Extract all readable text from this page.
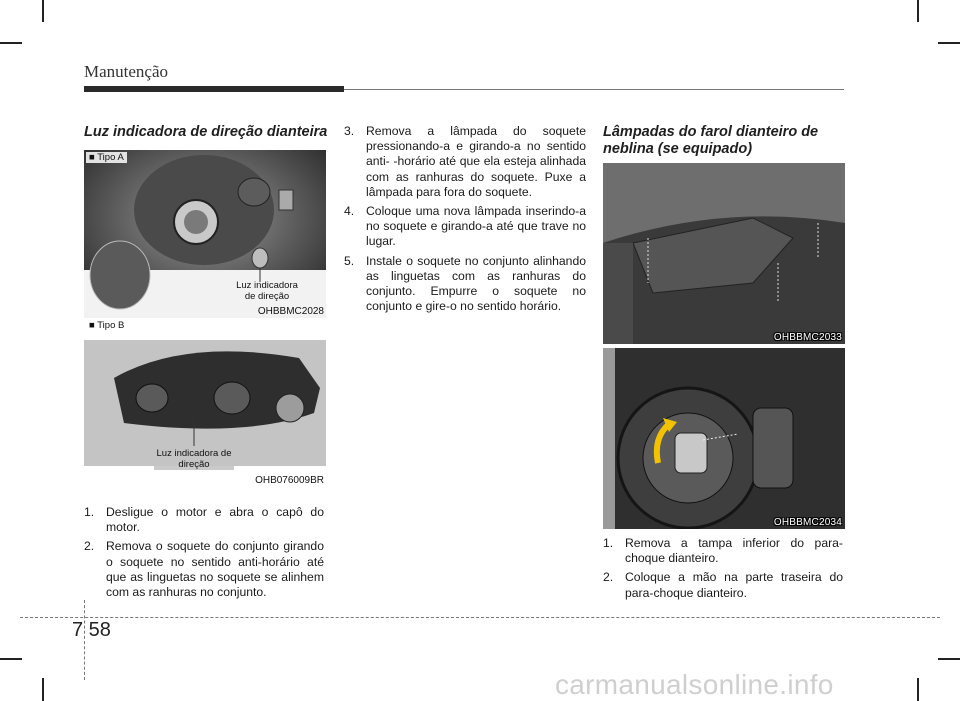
Manutenção
Luz indicadora de direção dianteira
■ Tipo A
Luz indicadora de direção
OHBBMC2028
■ Tipo B
Luz indicadora de direção
OHB076009BR
1. Desligue o motor e abra o capô do motor.
2. Remova o soquete do conjunto girando o soquete no sentido anti-horário até que as linguetas no soquete se alinhem com as ranhuras no conjunto.
3. Remova a lâmpada do soquete pressionando-a e girando-a no sentido anti- -horário até que ela esteja alinhada com as ranhuras do soquete. Puxe a lâmpada para fora do soquete.
4. Coloque uma nova lâmpada inserindo-a no soquete e girando-a até que trave no lugar.
5. Instale o soquete no conjunto alinhando as linguetas com as ranhuras do conjunto. Empurre o soquete no conjunto e gire-o no sentido horário.
Lâmpadas do farol dianteiro de neblina (se equipado)
OHBBMC2033
OHBBMC2034
1. Remova a tampa inferior do para-choque dianteiro.
2. Coloque a mão na parte traseira do para-choque dianteiro.
7 58
carmanualsonline.info
